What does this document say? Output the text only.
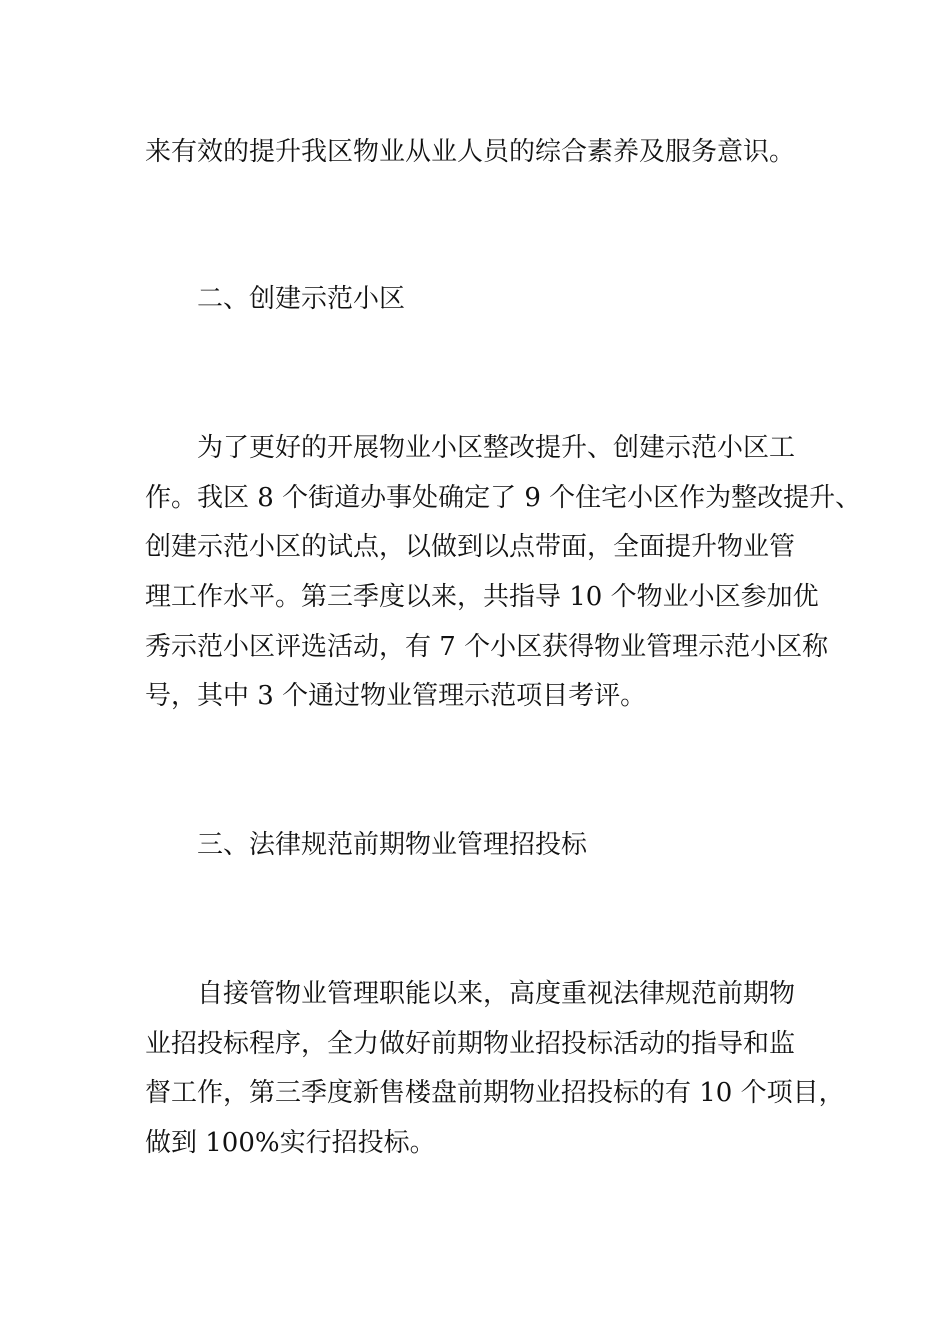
来有效的提升我区物业从业人员的综合素养及服务意识。
二、创建示范小区
为了更好的开展物业小区整改提升、创建示范小区工
作。我区 8 个街道办事处确定了 9 个住宅小区作为整改提升、
创建示范小区的试点，以做到以点带面，全面提升物业管
理工作水平。第三季度以来，共指导 10 个物业小区参加优
秀示范小区评选活动，有 7 个小区获得物业管理示范小区称
号，其中 3 个通过物业管理示范项目考评。
三、法律规范前期物业管理招投标
自接管物业管理职能以来，高度重视法律规范前期物
业招投标程序，全力做好前期物业招投标活动的指导和监
督工作，第三季度新售楼盘前期物业招投标的有 10 个项目，
做到 100%实行招投标。
